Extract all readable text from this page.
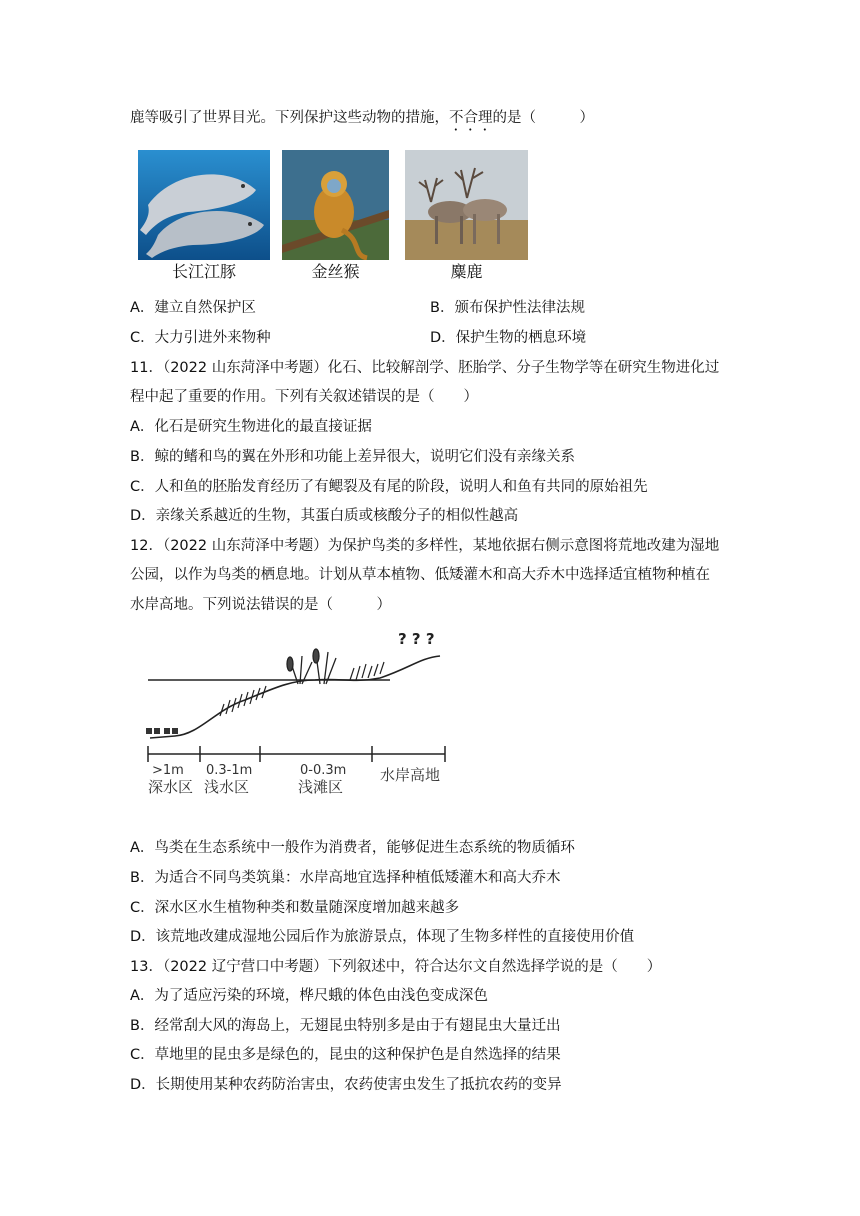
鹿等吸引了世界目光。下列保护这些动物的措施，不合理的是（　　　）
长江江豚	金丝猴	麋鹿
A．建立自然保护区	B．颁布保护性法律法规
C．大力引进外来物种	D．保护生物的栖息环境
11．（2022 山东菏泽中考题）化石、比较解剖学、胚胎学、分子生物学等在研究生物进化过
程中起了重要的作用。下列有关叙述错误的是（　　）
A．化石是研究生物进化的最直接证据
B．鲸的鳍和鸟的翼在外形和功能上差异很大，说明它们没有亲缘关系
C．人和鱼的胚胎发育经历了有鳃裂及有尾的阶段，说明人和鱼有共同的原始祖先
D．亲缘关系越近的生物，其蛋白质或核酸分子的相似性越高
12．（2022 山东菏泽中考题）为保护鸟类的多样性，某地依据右侧示意图将荒地改建为湿地
公园，以作为鸟类的栖息地。计划从草本植物、低矮灌木和高大乔木中选择适宜植物种植在
水岸高地。下列说法错误的是（　　　）
? ? ?
>1m
深水区
0.3-1m
浅水区
0-0.3m
浅滩区
水岸高地
A．鸟类在生态系统中一般作为消费者，能够促进生态系统的物质循环
B．为适合不同鸟类筑巢：水岸高地宜选择种植低矮灌木和高大乔木
C．深水区水生植物种类和数量随深度增加越来越多
D．该荒地改建成湿地公园后作为旅游景点，体现了生物多样性的直接使用价值
13．（2022 辽宁营口中考题）下列叙述中，符合达尔文自然选择学说的是（　　）
A．为了适应污染的环境，桦尺蛾的体色由浅色变成深色
B．经常刮大风的海岛上，无翅昆虫特别多是由于有翅昆虫大量迁出
C．草地里的昆虫多是绿色的，昆虫的这种保护色是自然选择的结果
D．长期使用某种农药防治害虫，农药使害虫发生了抵抗农药的变异
